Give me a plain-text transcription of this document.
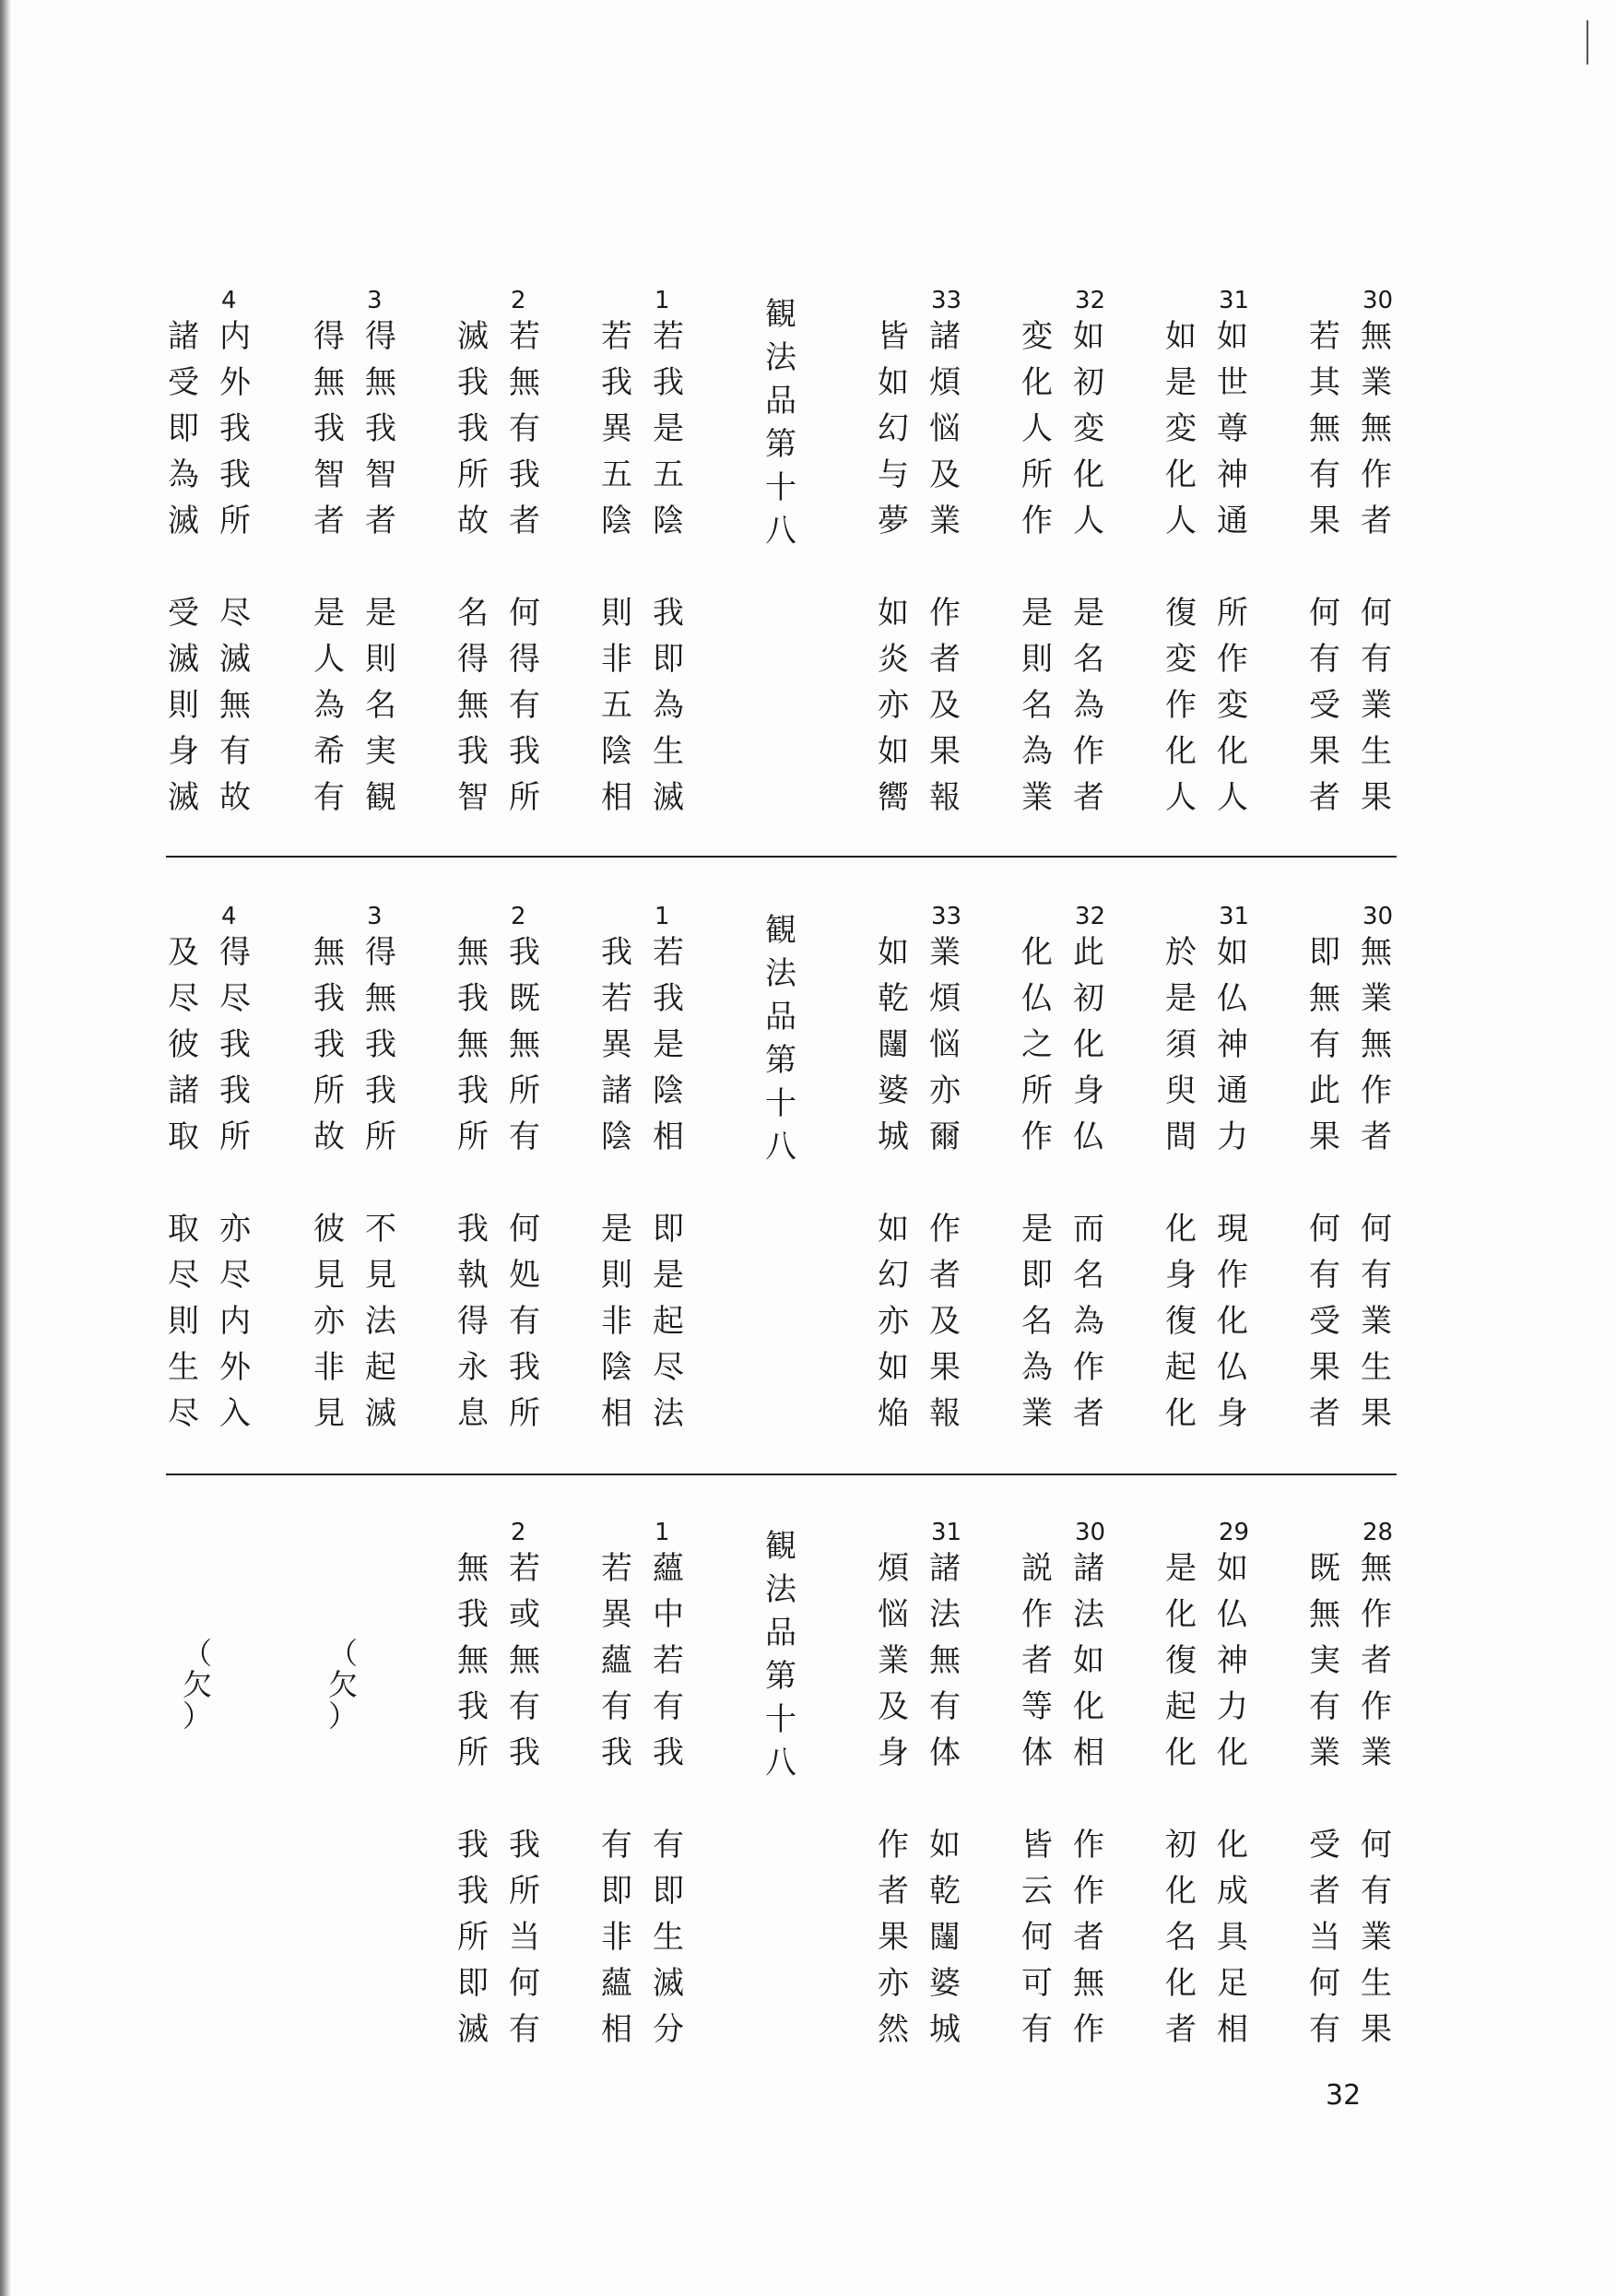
30
若 無
其 業
無 無
有 作
果 者
何 何
有 有
受 業
果 生
者 果
31
如 如
是 世
変 尊
化 神
人 通
復 所
変 作
作 変
化 化
人 人
32
変 如
化 初
人 変
所 化
作 人
是 是
則 名
名 為
為 作
業 者
33
皆 諸
如 煩
幻 悩
与 及
夢 業
如 作
炎 者
亦 及
如 果
嚮 報
観
法
品
第
十
八
1
若 若
我 我
異 是
五 五
陰 陰
則 我
非 即
五 為
陰 生
相 滅
2
滅 若
我 無
我 有
所 我
故 者
名 何
得 得
無 有
我 我
智 所
3
得 得
無 無
我 我
智 智
者 者
是 是
人 則
為 名
希 実
有 観
4
諸 内
受 外
即 我
為 我
滅 所
受 尽
滅 滅
則 無
身 有
滅 故
30
即 無
無 業
有 無
此 作
果 者
何 何
有 有
受 業
果 生
者 果
31
於 如
是 仏
須 神
臾 通
間 力
化 現
身 作
復 化
起 仏
化 身
32
化 此
仏 初
之 化
所 身
作 仏
是 而
即 名
名 為
為 作
業 者
33
如 業
乾 煩
闥 悩
婆 亦
城 爾
如 作
幻 者
亦 及
如 果
焔 報
観
法
品
第
十
八
1
我 若
若 我
異 是
諸 陰
陰 相
是 即
則 是
非 起
陰 尽
相 法
2
無 我
我 既
無 無
我 所
所 有
我 何
執 処
得 有
永 我
息 所
3
無 得
我 無
我 我
所 我
故 所
彼 不
見 見
亦 法
非 起
見 滅
4
及 得
尽 尽
彼 我
諸 我
取 所
取 亦
尽 尽
則 内
生 外
尽 入
28
既 無
無 作
実 者
有 作
業 業
受 何
者 有
当 業
何 生
有 果
29
是 如
化 仏
復 神
起 力
化 化
初 化
化 成
名 具
化 足
者 相
30
説 諸
作 法
者 如
等 化
体 相
皆 作
云 作
何 者
可 無
有 作
31
煩 諸
悩 法
業 無
及 有
身 体
作 如
者 乾
果 闥
亦 婆
然 城
観
法
品
第
十
八
1
若 蘊
異 中
蘊 若
有 有
我 我
有 有
即 即
非 生
蘊 滅
相 分
2
無 若
我 或
無 無
我 有
所 我
我 我
我 所
所 当
即 何
滅 有
（
欠
）
（
欠
）
32
